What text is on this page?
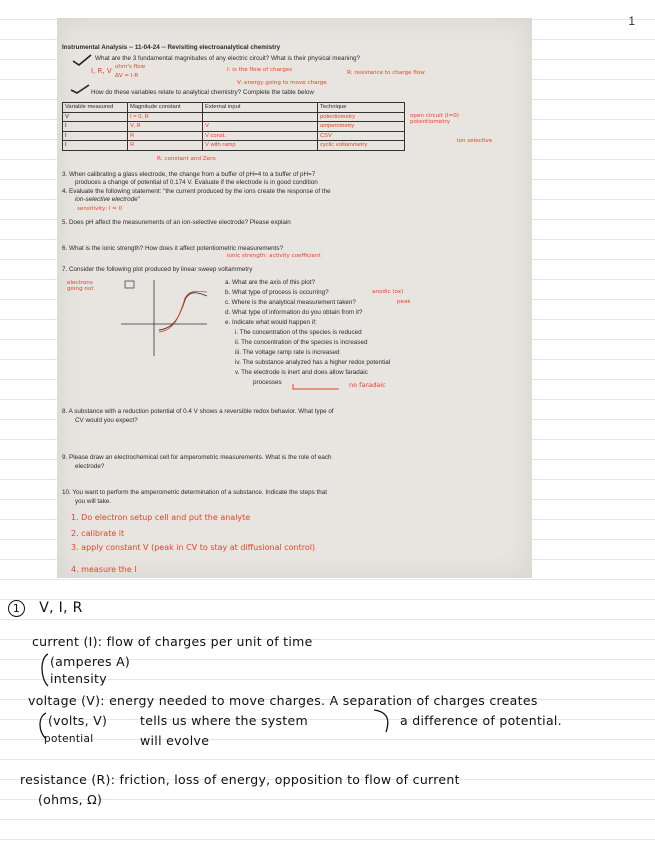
1
Instrumental Analysis -- 11-04-24 -- Revisiting electroanalytical chemistry
What are the 3 fundamental magnitudes of any electric circuit? What is their physical meaning?
I, R, V ohm's flow
ΔV = I·R
I: is the flow of charges	R: resistance to charge flow
V: energy going to move charge
How do these variables relate to analytical chemistry? Complete the table below
Variable measured	Magnitude constant	External input	Technique
V	I = 0, R		potentiometry
I	V, R	V	amperometry
I	R	V const.	CSV
I	R	V with ramp	cyclic voltammetry
R: constant and Zero
open circuit (I=0) potentiometry
ion selective
3. When calibrating a glass electrode, the change from a buffer of pH=4 to a buffer of pH=7
produces a change of potential of 0.174 V. Evaluate if the electrode is in good condition
4. Evaluate the following statement: "the current produced by the ions create the response of the
ion-selective electrode"
sensitivity: I = 0
5. Does pH affect the measurements of an ion-selective electrode? Please explain
6. What is the ionic strength? How does it affect potentiometric measurements?
ionic strength: activity coefficient
7. Consider the following plot produced by linear sweep voltammetry
electrons going out
a. What are the axis of this plot?
b. What type of process is occurring?	anodic (ox)
c. Where is the analytical measurement taken?	peak
d. What type of information do you obtain from it?
e. Indicate what would happen if:
i. The concentration of the species is reduced
ii. The concentration of the species is increased
iii. The voltage ramp rate is increased
iv. The substance analyzed has a higher redox potential
v. The electrode is inert and does allow faradaic
processes	no faradaic
8. A substance with a reduction potential of 0.4 V shows a reversible redox behavior. What type of
CV would you expect?
9. Please draw an electrochemical cell for amperometric measurements. What is the role of each
electrode?
10. You want to perform the amperometric determination of a substance. Indicate the steps that
you will take.
1. Do electron setup cell and put the analyte
2. calibrate it
3. apply constant V (peak in CV to stay at diffusional control)
4. measure the I
1 V, I, R
current (I): flow of charges per unit of time
(amperes A)
intensity
voltage (V): energy needed to move charges. A separation of charges creates
(volts, V)	tells us where the system	a difference of potential.
potential	will evolve
resistance (R): friction, loss of energy, opposition to flow of current
(ohms, Ω)
